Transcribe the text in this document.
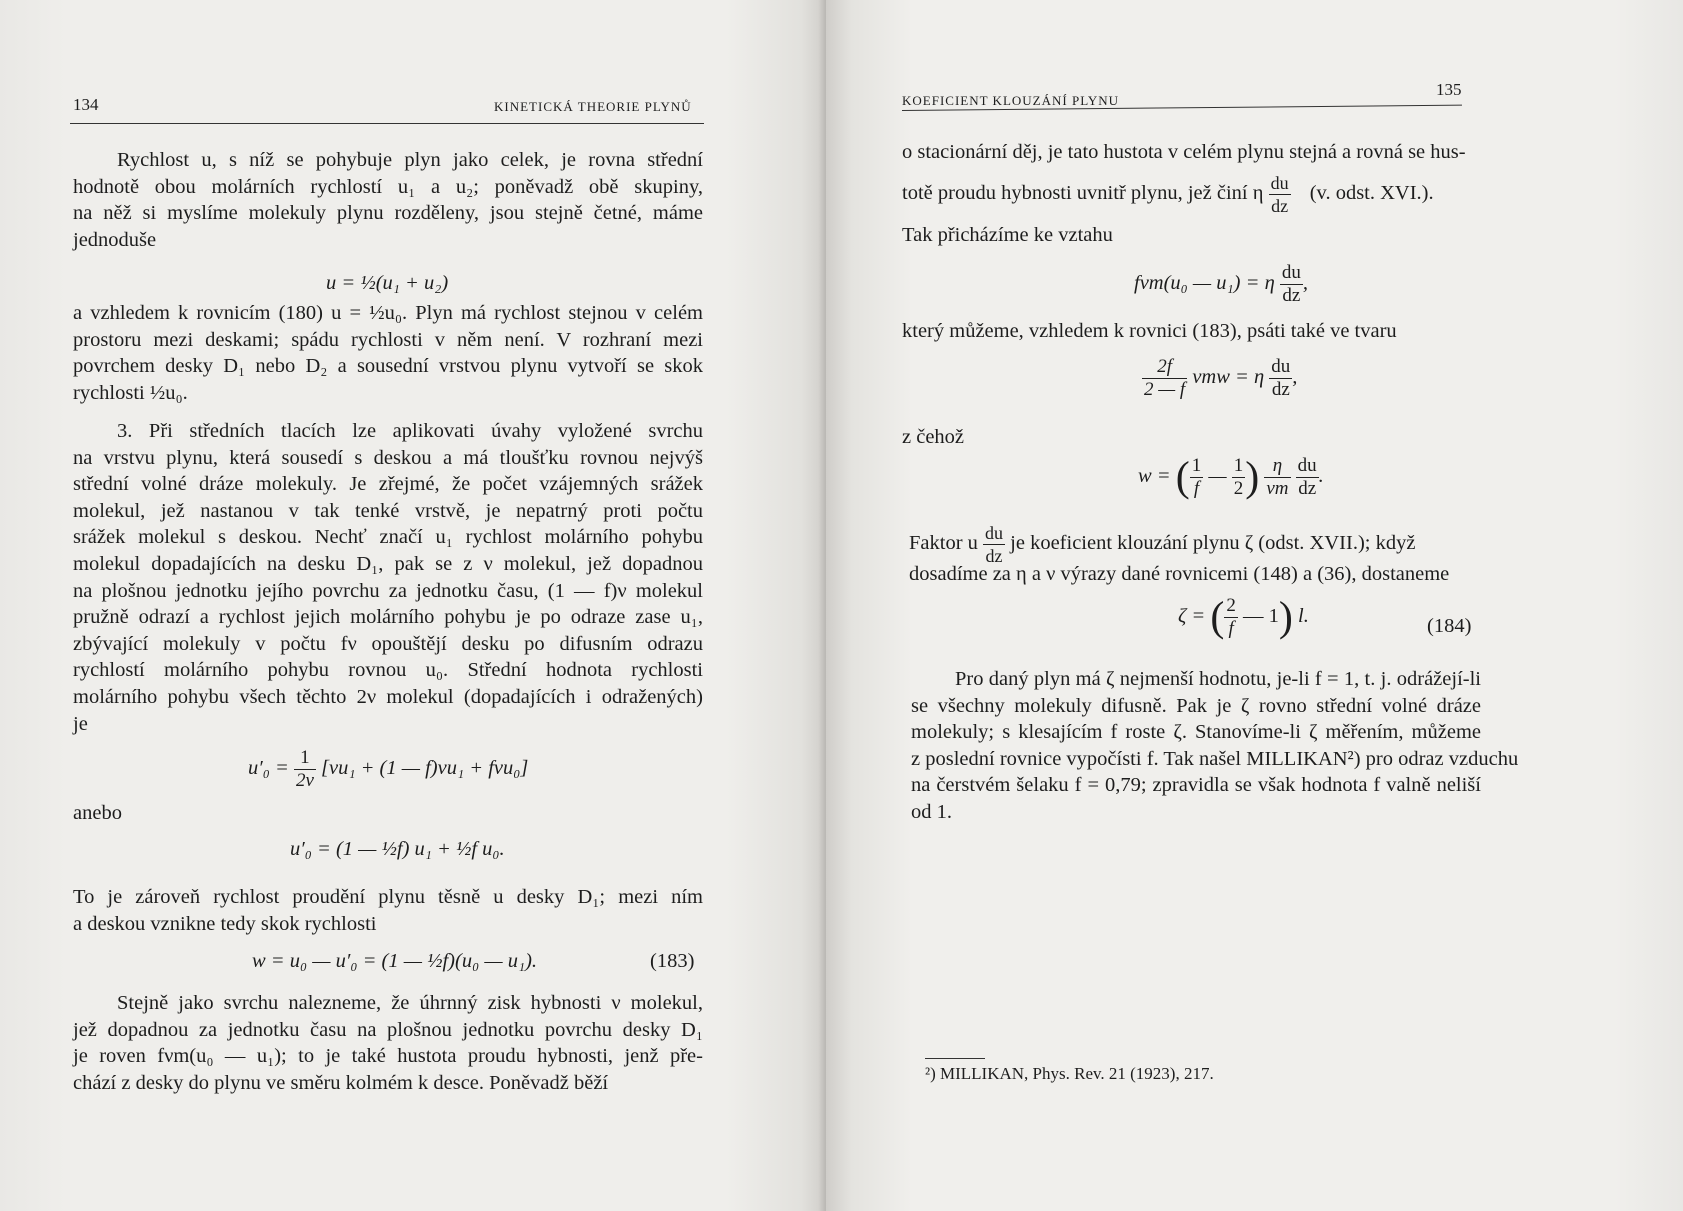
134	KINETICKÁ THEORIE PLYNŮ
Rychlost u, s níž se pohybuje plyn jako celek, je rovna střední
hodnotě obou molárních rychlostí u₁ a u₂; poněvadž obě skupiny,
na něž si myslíme molekuly plynu rozděleny, jsou stejně četné, máme
jednoduše
u = ½(u₁ + u₂)
a vzhledem k rovnicím (180) u = ½u₀. Plyn má rychlost stejnou v celém
prostoru mezi deskami; spádu rychlosti v něm není. V rozhraní mezi
povrchem desky D₁ nebo D₂ a sousední vrstvou plynu vytvoří se skok
rychlosti ½u₀.
3. Při středních tlacích lze aplikovati úvahy vyložené svrchu
na vrstvu plynu, která sousedí s deskou a má tloušťku rovnou nejvýš
střední volné dráze molekuly. Je zřejmé, že počet vzájemných srážek
molekul, jež nastanou v tak tenké vrstvě, je nepatrný proti počtu
srážek molekul s deskou. Nechť značí u₁ rychlost molárního pohybu
molekul dopadajících na desku D₁, pak se z ν molekul, jež dopadnou
na plošnou jednotku jejího povrchu za jednotku času, (1 — f)ν molekul
pružně odrazí a rychlost jejich molárního pohybu je po odraze zase u₁,
zbývající molekuly v počtu fν opouštějí desku po difusním odrazu
rychlostí molárního pohybu rovnou u₀. Střední hodnota rychlosti
molárního pohybu všech těchto 2ν molekul (dopadajících i odražených)
je
$u'_0 = \frac{1}{2\nu} [\nu u_1 + (1$ — f)νu₁ + fνu₀]
anebo
u′₀ = (1 — ½f) u₁ + ½f u₀.
To je zároveň rychlost proudění plynu těsně u desky D₁; mezi ním
a deskou vznikne tedy skok rychlosti
w = u₀ — u′₀ = (1 — ½f)(u₀ — u₁).	(183)
Stejně jako svrchu nalezneme, že úhrnný zisk hybnosti ν molekul,
jež dopadnou za jednotku času na plošnou jednotku povrchu desky D₁
je roven fνm(u₀ — u₁); to je také hustota proudu hybnosti, jenž pře-
chází z desky do plynu ve směru kolmém k desce. Poněvadž běží
KOEFICIENT KLOUZÁNÍ PLYNU
135
o stacionární děj, je tato hustota v celém plynu stejná a rovná se hus-
totě proudu hybnosti uvnitř plynu, jež činí η $\frac{du}{dz} (v$. odst. XVI.).
Tak přicházíme ke vztahu
fνm(u₀ — u₁) = η $\frac{du}{dz}$ ,
který můžeme, vzhledem k rovnici (183), psáti také ve tvaru
$\frac{2f}{2 — f}$ νmw = η $\frac{du}{dz}$ ,
z čehož
w = ( $\frac{1}{f}$ — $\frac{1}{2}$ ) $\frac{\eta}{\nu m}$
$\frac{du}{dz}$ .
Faktor u $\frac{du}{dz}$ je koeficient klouzání plynu ζ (odst. XVII.); když
dosadíme za η a ν výrazy dané rovnicemi (148) a (36), dostaneme
ζ = ( $\frac{2}{f}$ — 1) l.	(184)
Pro daný plyn má ζ nejmenší hodnotu, je-li f = 1, t. j. odrážejí-li
se všechny molekuly difusně. Pak je ζ rovno střední volné dráze
molekuly; s klesajícím f roste ζ. Stanovíme-li ζ měřením, můžeme
z poslední rovnice vypočísti f. Tak našel MILLIKAN²) pro odraz vzduchu
na čerstvém šelaku f = 0,79; zpravidla se však hodnota f valně neliší
od 1.
²) MILLIKAN, Phys. Rev. 21 (1923), 217.
